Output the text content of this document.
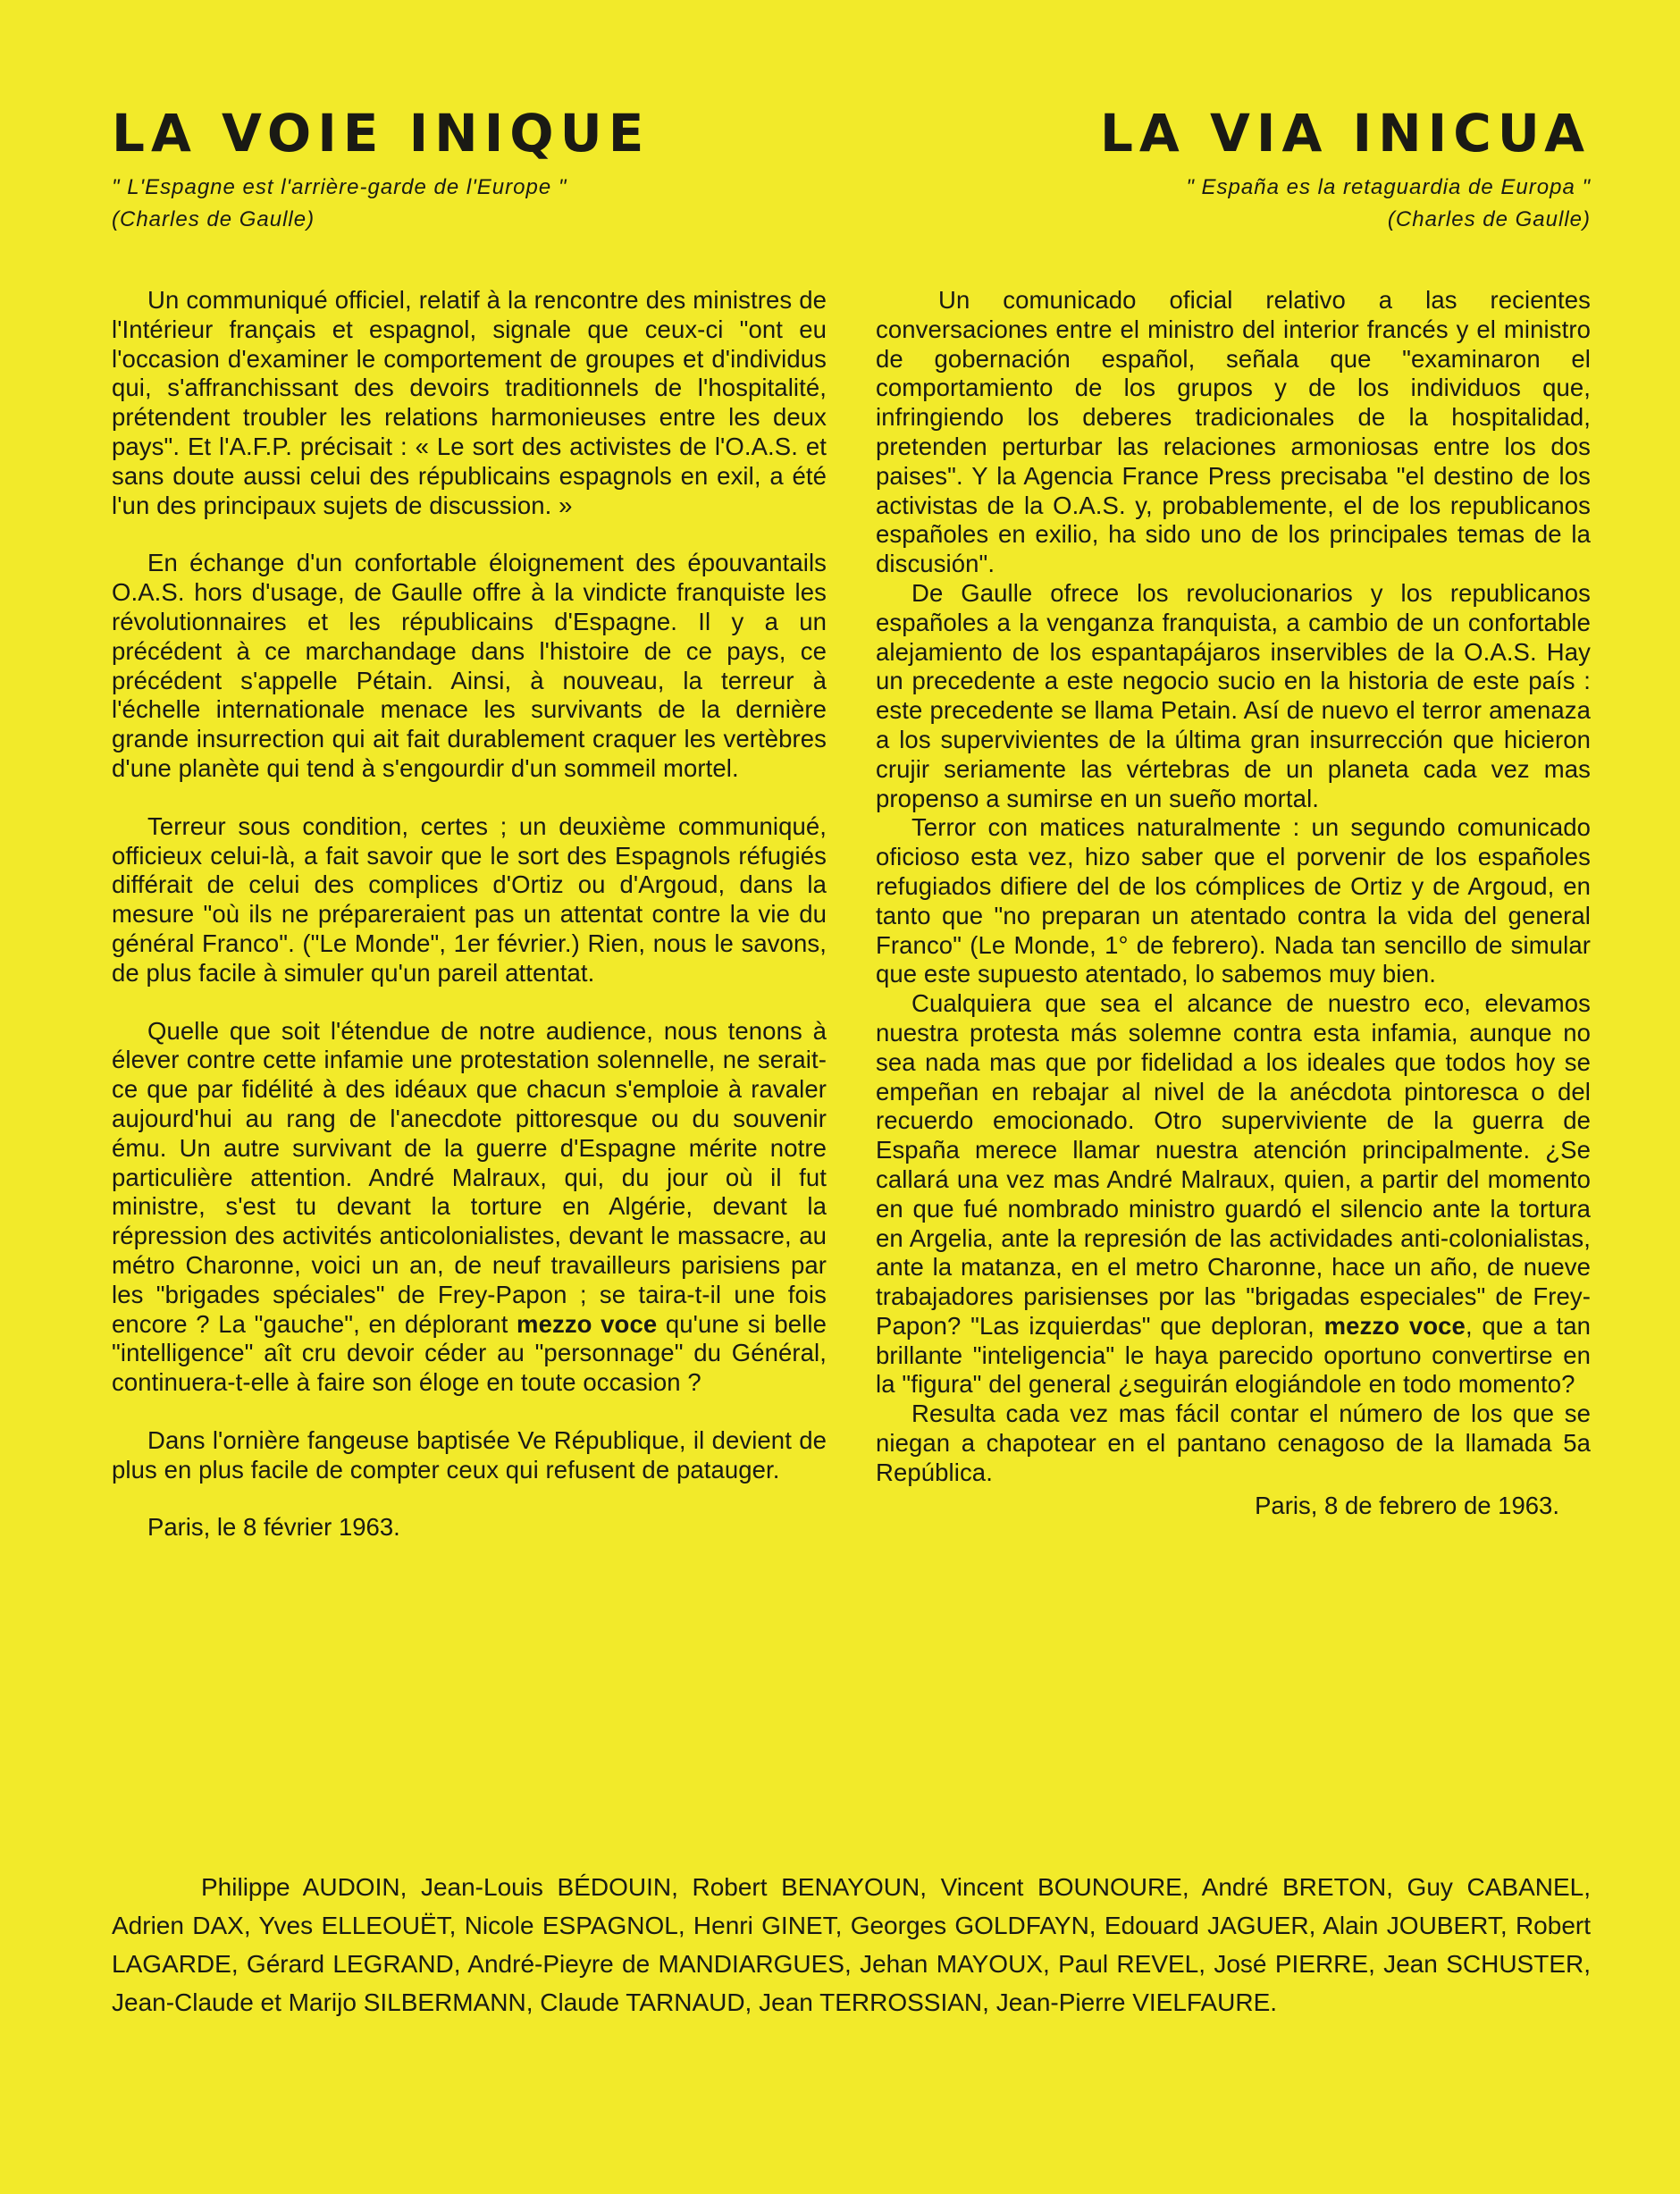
LA VOIE INIQUE
" L'Espagne est l'arrière-garde de l'Europe "
(Charles de Gaulle)

Un communiqué officiel, relatif à la rencontre des ministres de l'Intérieur français et espagnol, signale que ceux-ci "ont eu l'occasion d'examiner le comportement de groupes et d'individus qui, s'affranchissant des devoirs traditionnels de l'hospitalité, prétendent troubler les relations harmonieuses entre les deux pays". Et l'A.F.P. précisait : « Le sort des activistes de l'O.A.S. et sans doute aussi celui des républicains espagnols en exil, a été l'un des principaux sujets de discussion. »

En échange d'un confortable éloignement des épouvantails O.A.S. hors d'usage, de Gaulle offre à la vindicte franquiste les révolutionnaires et les républicains d'Espagne. Il y a un précédent à ce marchandage dans l'histoire de ce pays, ce précédent s'appelle Pétain. Ainsi, à nouveau, la terreur à l'échelle internationale menace les survivants de la dernière grande insurrection qui ait fait durablement craquer les vertèbres d'une planète qui tend à s'engourdir d'un sommeil mortel.

Terreur sous condition, certes ; un deuxième communiqué, officieux celui-là, a fait savoir que le sort des Espagnols réfugiés différait de celui des complices d'Ortiz ou d'Argoud, dans la mesure "où ils ne prépareraient pas un attentat contre la vie du général Franco". ("Le Monde", 1er février.) Rien, nous le savons, de plus facile à simuler qu'un pareil attentat.

Quelle que soit l'étendue de notre audience, nous tenons à élever contre cette infamie une protestation solennelle, ne serait-ce que par fidélité à des idéaux que chacun s'emploie à ravaler aujourd'hui au rang de l'anecdote pittoresque ou du souvenir ému. Un autre survivant de la guerre d'Espagne mérite notre particulière attention. André Malraux, qui, du jour où il fut ministre, s'est tu devant la torture en Algérie, devant la répression des activités anticolonialistes, devant le massacre, au métro Charonne, voici un an, de neuf travailleurs parisiens par les "brigades spéciales" de Frey-Papon ; se taira-t-il une fois encore ? La "gauche", en déplorant mezzo voce qu'une si belle "intelligence" aît cru devoir céder au "personnage" du Général, continuera-t-elle à faire son éloge en toute occasion ?

Dans l'ornière fangeuse baptisée Ve République, il devient de plus en plus facile de compter ceux qui refusent de patauger.

Paris, le 8 février 1963.
LA VIA INICUA
" España es la retaguardia de Europa "
(Charles de Gaulle)

Un comunicado oficial relativo a las recientes conversaciones entre el ministro del interior francés y el ministro de gobernación español, señala que "examinaron el comportamiento de los grupos y de los individuos que, infringiendo los deberes tradicionales de la hospitalidad, pretenden perturbar las relaciones armoniosas entre los dos paises". Y la Agencia France Press precisaba "el destino de los activistas de la O.A.S. y, probablemente, el de los republicanos españoles en exilio, ha sido uno de los principales temas de la discusión".

De Gaulle ofrece los revolucionarios y los republicanos españoles a la venganza franquista, a cambio de un confortable alejamiento de los espantapájaros inservibles de la O.A.S. Hay un precedente a este negocio sucio en la historia de este país : este precedente se llama Petain. Así de nuevo el terror amenaza a los supervivientes de la última gran insurrección que hicieron crujir seriamente las vértebras de un planeta cada vez mas propenso a sumirse en un sueño mortal.

Terror con matices naturalmente : un segundo comunicado oficioso esta vez, hizo saber que el porvenir de los españoles refugiados difiere del de los cómplices de Ortiz y de Argoud, en tanto que "no preparan un atentado contra la vida del general Franco" (Le Monde, 1° de febrero). Nada tan sencillo de simular que este supuesto atentado, lo sabemos muy bien.

Cualquiera que sea el alcance de nuestro eco, elevamos nuestra protesta más solemne contra esta infamia, aunque no sea nada mas que por fidelidad a los ideales que todos hoy se empeñan en rebajar al nivel de la anécdota pintoresca o del recuerdo emocionado. Otro superviviente de la guerra de España merece llamar nuestra atención principalmente. ¿Se callará una vez mas André Malraux, quien, a partir del momento en que fué nombrado ministro guardó el silencio ante la tortura en Argelia, ante la represión de las actividades anti-colonialistas, ante la matanza, en el metro Charonne, hace un año, de nueve trabajadores parisienses por las "brigadas especiales" de Frey-Papon? "Las izquierdas" que deploran, mezzo voce, que a tan brillante "inteligencia" le haya parecido oportuno convertirse en la "figura" del general ¿seguirán elogiándole en todo momento?

Resulta cada vez mas fácil contar el número de los que se niegan a chapotear en el pantano cenagoso de la llamada 5a República.

Paris, 8 de febrero de 1963.
Philippe AUDOIN, Jean-Louis BÉDOUIN, Robert BENAYOUN, Vincent BOUNOURE, André BRETON, Guy CABANEL, Adrien DAX, Yves ELLEOUËT, Nicole ESPAGNOL, Henri GINET, Georges GOLDFAYN, Edouard JAGUER, Alain JOUBERT, Robert LAGARDE, Gérard LEGRAND, André-Pieyre de MANDIARGUES, Jehan MAYOUX, Paul REVEL, José PIERRE, Jean SCHUSTER, Jean-Claude et Marijo SILBERMANN, Claude TARNAUD, Jean TERROSSIAN, Jean-Pierre VIELFAURE.
